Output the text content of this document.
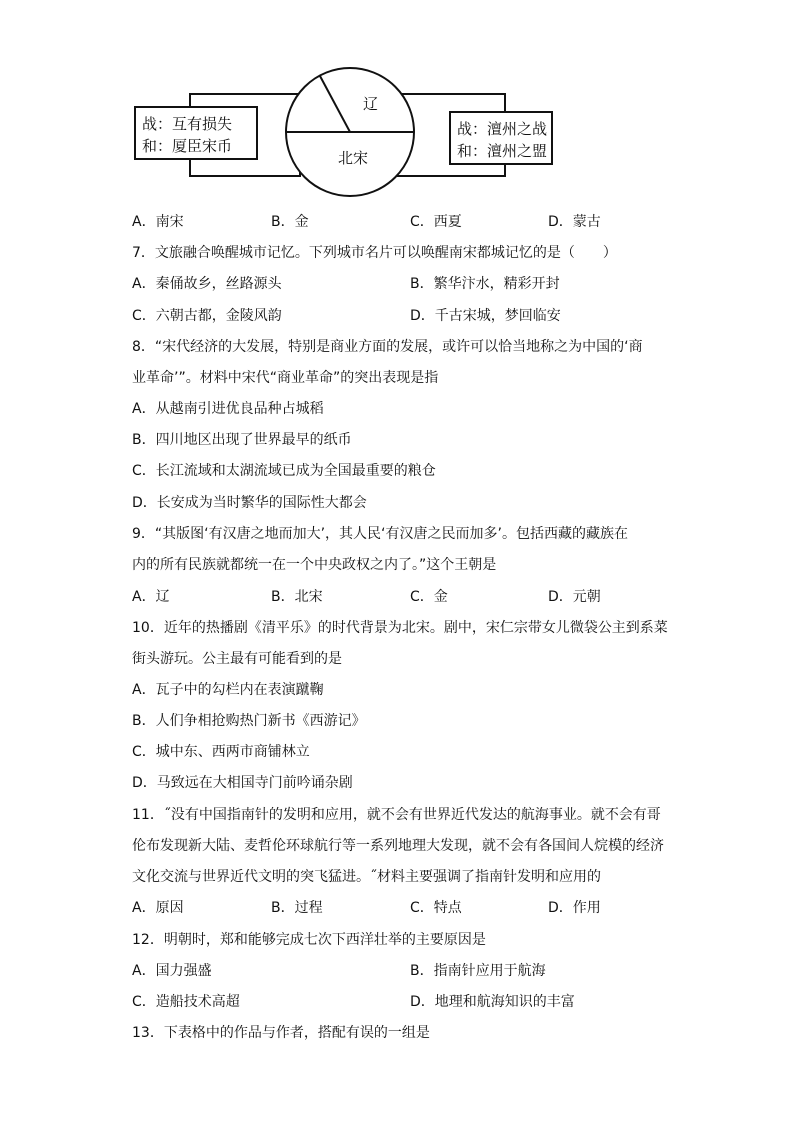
战：互有损失
和：厦臣宋币
战：澶州之战
和：澶州之盟
辽
北宋
A．南宋	B．金	C．西夏	D．蒙古
7．文旅融合唤醒城市记忆。下列城市名片可以唤醒南宋都城记忆的是（　　）
A．秦俑故乡，丝路源头	B．繁华汴水，精彩开封
C．六朝古都，金陵风韵	D．千古宋城，梦回临安
8．“宋代经济的大发展，特别是商业方面的发展，或许可以恰当地称之为中国的‘商
业革命’”。材料中宋代“商业革命”的突出表现是指
A．从越南引进优良品种占城稻
B．四川地区出现了世界最早的纸币
C．长江流域和太湖流域已成为全国最重要的粮仓
D．长安成为当时繁华的国际性大都会
9．“其版图‘有汉唐之地而加大’，其人民‘有汉唐之民而加多’。包括西藏的藏族在
内的所有民族就都统一在一个中央政权之内了。”这个王朝是
A．辽	B．北宋	C．金	D．元朝
10．近年的热播剧《清平乐》的时代背景为北宋。剧中，宋仁宗带女儿微袋公主到系菜
街头游玩。公主最有可能看到的是
A．瓦子中的勾栏内在表演蹴鞠
B．人们争相抢购热门新书《西游记》
C．城中东、西两市商铺林立
D．马致远在大相国寺门前吟诵杂剧
11．˝没有中国指南针的发明和应用，就不会有世界近代发达的航海事业。就不会有哥
伦布发现新大陆、麦哲伦环球航行等一系列地理大发现，就不会有各国间人烷模的经济
文化交流与世界近代文明的突飞猛进。˝材料主要强调了指南针发明和应用的
A．原因	B．过程	C．特点	D．作用
12．明朝时，郑和能够完成七次下西洋壮举的主要原因是
A．国力强盛	B．指南针应用于航海
C．造船技术高超	D．地理和航海知识的丰富
13．下表格中的作品与作者，搭配有误的一组是
